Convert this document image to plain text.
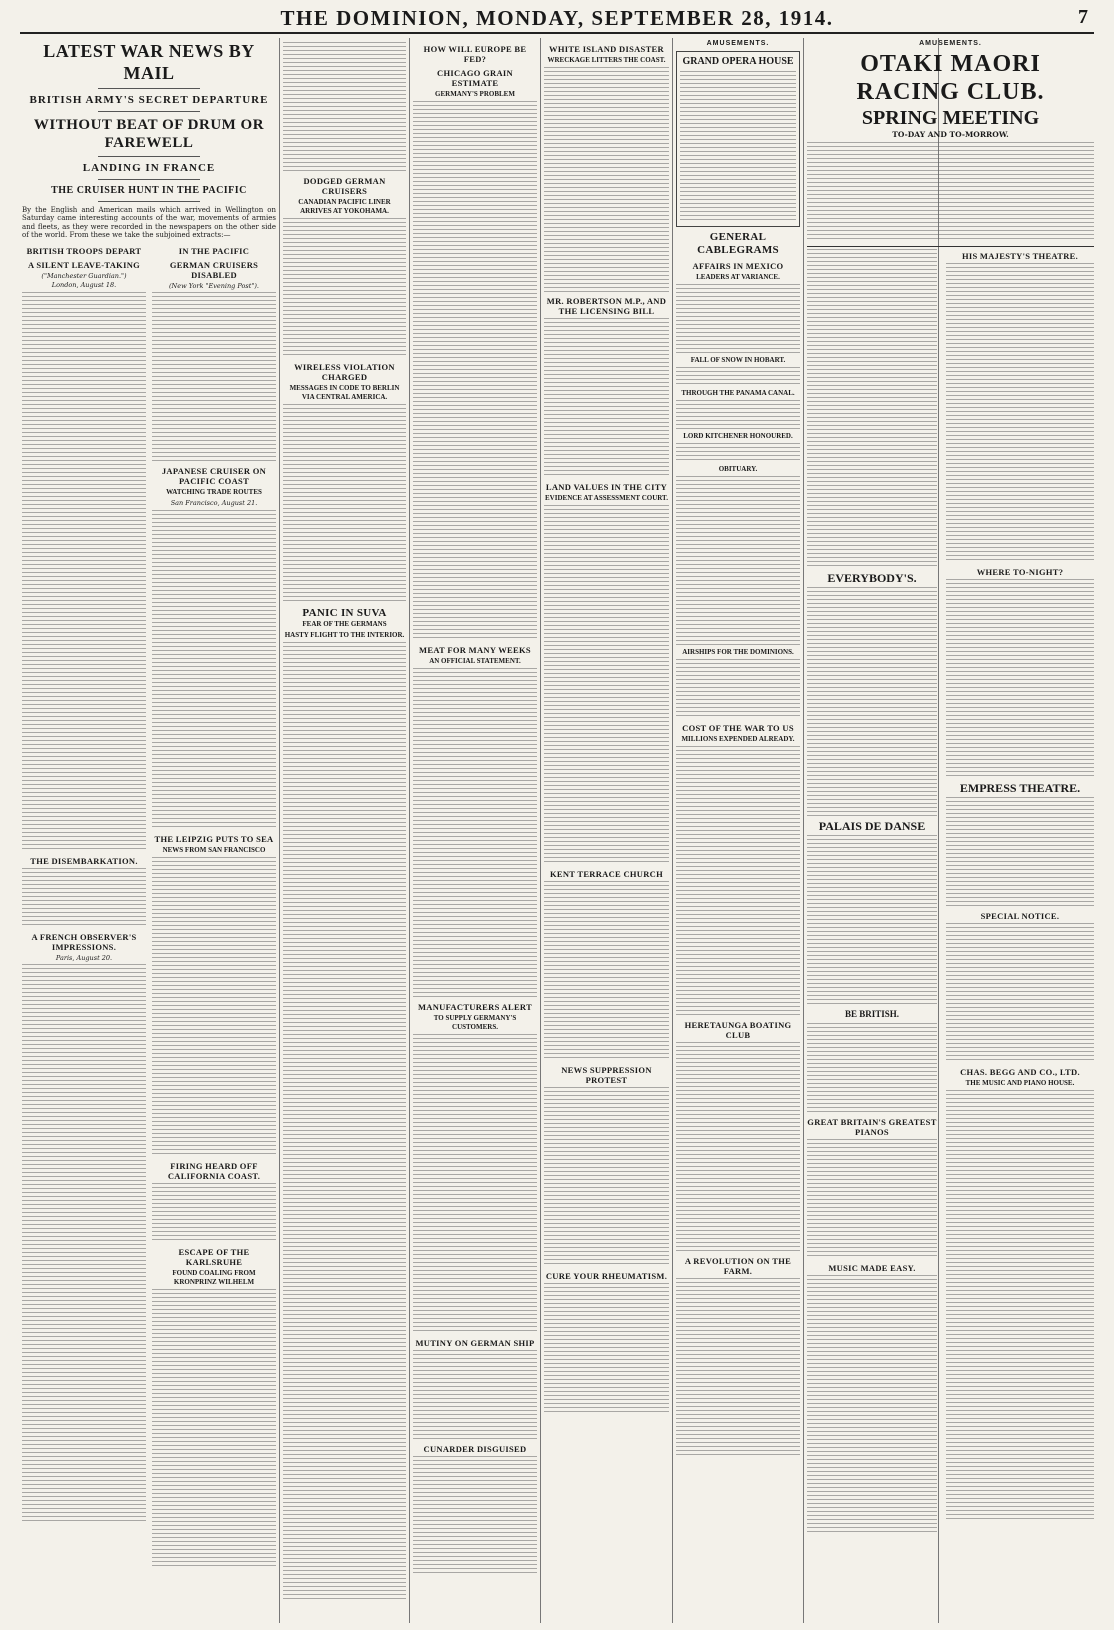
THE DOMINION, MONDAY, SEPTEMBER 28, 1914.	7
LATEST WAR NEWS BY MAIL
BRITISH ARMY'S SECRET DEPARTURE
WITHOUT BEAT OF DRUM OR FAREWELL
LANDING IN FRANCE
THE CRUISER HUNT IN THE PACIFIC
By the English and American mails which arrived in Wellington on Saturday came interesting accounts of the war, movements of armies and fleets, as they were recorded in the newspapers on the other side of the world. From these we take the subjoined extracts:—
BRITISH TROOPS DEPART
A SILENT LEAVE-TAKING
("Manchester Guardian.")
London, August 18.
THE DISEMBARKATION.
A FRENCH OBSERVER'S IMPRESSIONS.
Paris, August 20.
IN THE PACIFIC
GERMAN CRUISERS DISABLED
(New York "Evening Post").
JAPANESE CRUISER ON PACIFIC COAST
WATCHING TRADE ROUTES
San Francisco, August 21.
THE LEIPZIG PUTS TO SEA
NEWS FROM SAN FRANCISCO
FIRING HEARD OFF CALIFORNIA COAST.
ESCAPE OF THE KARLSRUHE
FOUND COALING FROM KRONPRINZ WILHELM
DODGED GERMAN CRUISERS
CANADIAN PACIFIC LINER ARRIVES AT YOKOHAMA.
WIRELESS VIOLATION CHARGED
MESSAGES IN CODE TO BERLIN VIA CENTRAL AMERICA.
PANIC IN SUVA
FEAR OF THE GERMANS
HASTY FLIGHT TO THE INTERIOR.
HOW WILL EUROPE BE FED?
CHICAGO GRAIN ESTIMATE
GERMANY'S PROBLEM
MEAT FOR MANY WEEKS
AN OFFICIAL STATEMENT.
MANUFACTURERS ALERT
TO SUPPLY GERMANY'S CUSTOMERS.
MUTINY ON GERMAN SHIP
CUNARDER DISGUISED
WHITE ISLAND DISASTER
WRECKAGE LITTERS THE COAST.
MR. ROBERTSON M.P., AND THE LICENSING BILL
LAND VALUES IN THE CITY
EVIDENCE AT ASSESSMENT COURT.
KENT TERRACE CHURCH
NEWS SUPPRESSION PROTEST
CURE YOUR RHEUMATISM.
AMUSEMENTS.
GRAND OPERA HOUSE
GENERAL CABLEGRAMS
AFFAIRS IN MEXICO
LEADERS AT VARIANCE.
FALL OF SNOW IN HOBART.
THROUGH THE PANAMA CANAL.
LORD KITCHENER HONOURED.
OBITUARY.
AIRSHIPS FOR THE DOMINIONS.
COST OF THE WAR TO US
MILLIONS EXPENDED ALREADY.
HERETAUNGA BOATING CLUB
A REVOLUTION ON THE FARM.
AMUSEMENTS.
OTAKI MAORI RACING CLUB.
SPRING MEETING
TO-DAY AND TO-MORROW.
EVERYBODY'S.
PALAIS DE DANSE
BE BRITISH.
GREAT BRITAIN'S GREATEST PIANOS
MUSIC MADE EASY.
HIS MAJESTY'S THEATRE.
WHERE TO-NIGHT?
EMPRESS THEATRE.
SPECIAL NOTICE.
CHAS. BEGG AND CO., LTD.
THE MUSIC AND PIANO HOUSE.
